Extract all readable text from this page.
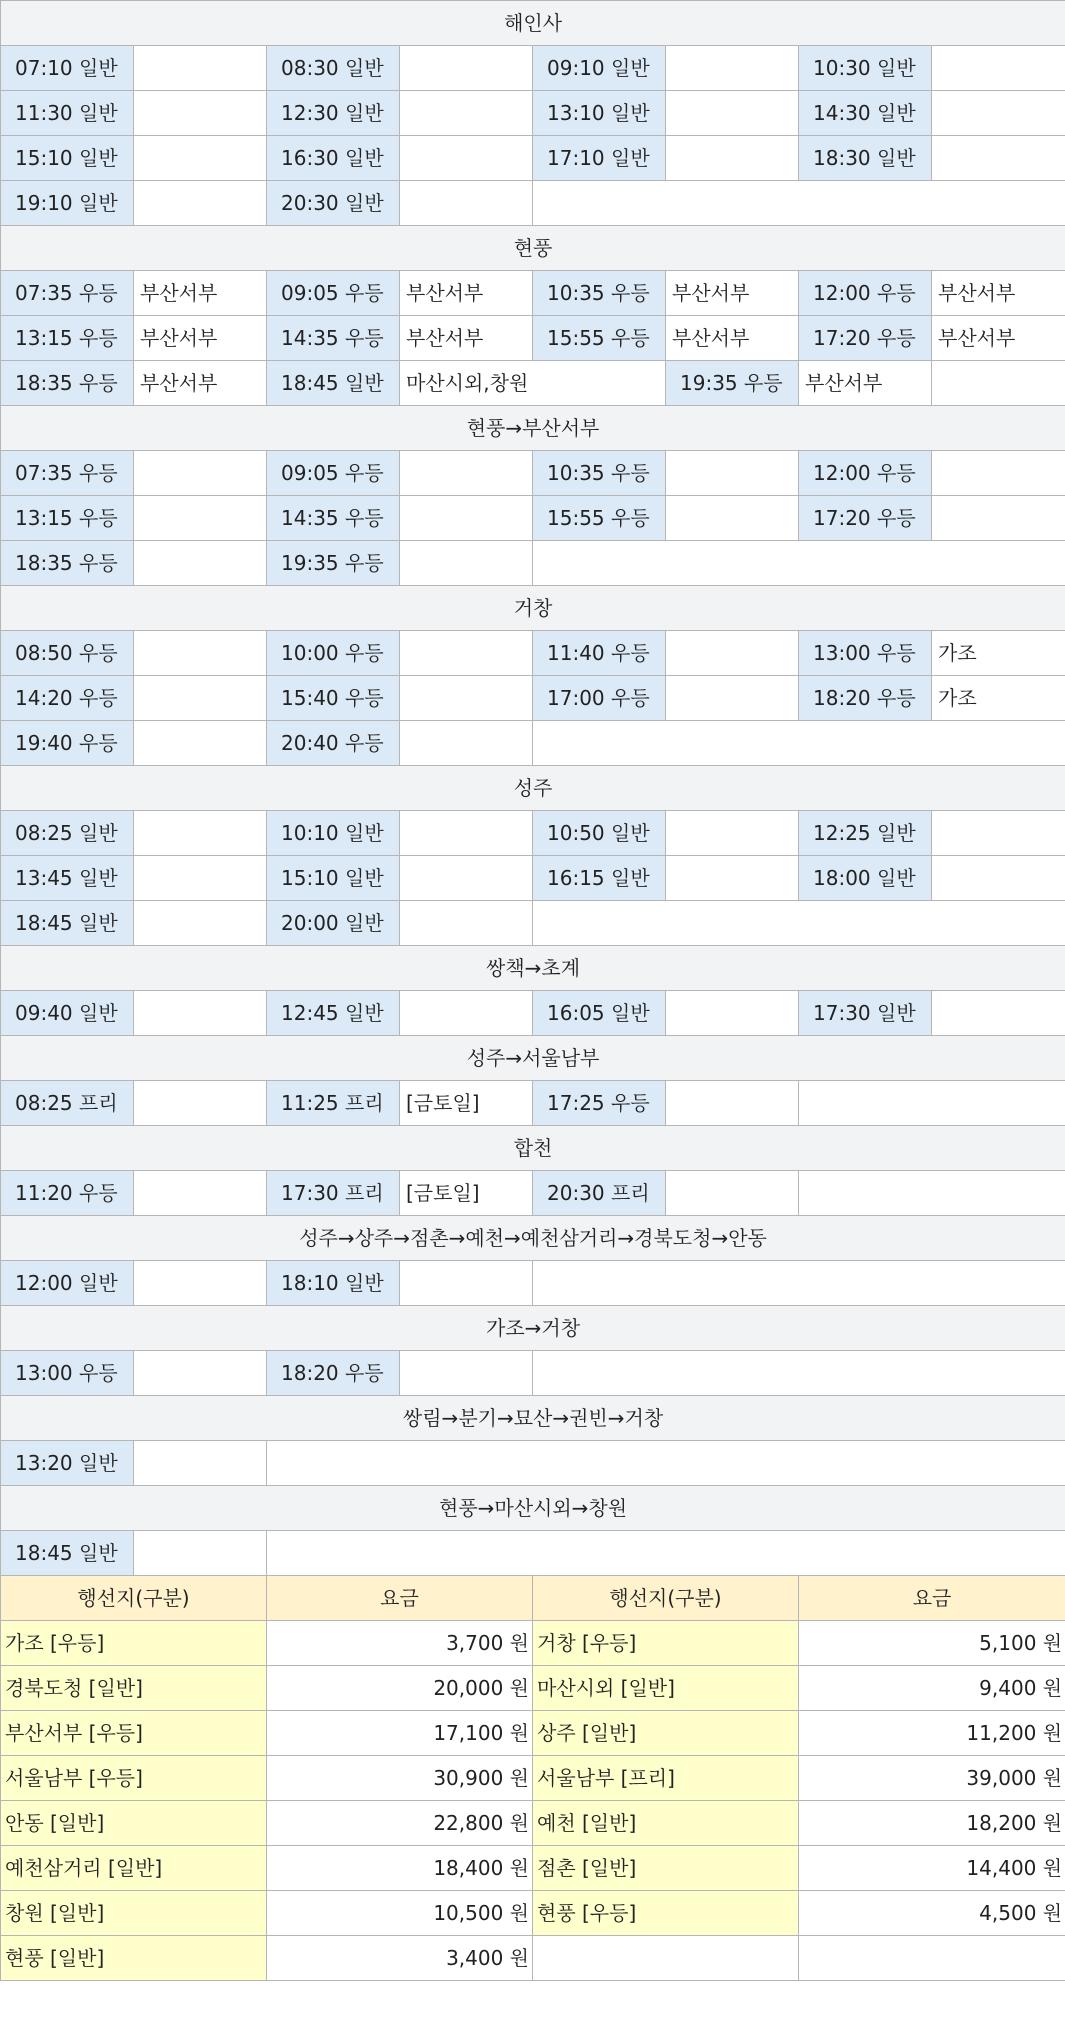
해인사							
07:10 일반		08:30 일반		09:10 일반		10:30 일반	
11:30 일반		12:30 일반		13:10 일반		14:30 일반	
15:10 일반		16:30 일반		17:10 일반		18:30 일반	
19:10 일반		20:30 일반					
현풍							
07:35 우등	부산서부	09:05 우등	부산서부	10:35 우등	부산서부	12:00 우등	부산서부
13:15 우등	부산서부	14:35 우등	부산서부	15:55 우등	부산서부	17:20 우등	부산서부
18:35 우등	부산서부	18:45 일반	마산시외,창원		19:35 우등	부산서부	
현풍→부산서부							
07:35 우등		09:05 우등		10:35 우등		12:00 우등	
13:15 우등		14:35 우등		15:55 우등		17:20 우등	
18:35 우등		19:35 우등					
거창							
08:50 우등		10:00 우등		11:40 우등		13:00 우등	가조
14:20 우등		15:40 우등		17:00 우등		18:20 우등	가조
19:40 우등		20:40 우등					
성주							
08:25 일반		10:10 일반		10:50 일반		12:25 일반	
13:45 일반		15:10 일반		16:15 일반		18:00 일반	
18:45 일반		20:00 일반					
쌍책→초계							
09:40 일반		12:45 일반		16:05 일반		17:30 일반	
성주→서울남부							
08:25 프리		11:25 프리	[금토일]	17:25 우등			
합천							
11:20 우등		17:30 프리	[금토일]	20:30 프리			
성주→상주→점촌→예천→예천삼거리→경북도청→안동							
12:00 일반		18:10 일반					
가조→거창							
13:00 우등		18:20 우등					
쌍림→분기→묘산→권빈→거창							
13:20 일반							
현풍→마산시외→창원							
18:45 일반							
행선지(구분)		요금		행선지(구분)		요금	
가조 [우등]		3,700 원		거창 [우등]		5,100 원	
경북도청 [일반]		20,000 원		마산시외 [일반]		9,400 원	
부산서부 [우등]		17,100 원		상주 [일반]		11,200 원	
서울남부 [우등]		30,900 원		서울남부 [프리]		39,000 원	
안동 [일반]		22,800 원		예천 [일반]		18,200 원	
예천삼거리 [일반]		18,400 원		점촌 [일반]		14,400 원	
창원 [일반]		10,500 원		현풍 [우등]		4,500 원	
현풍 [일반]		3,400 원					
